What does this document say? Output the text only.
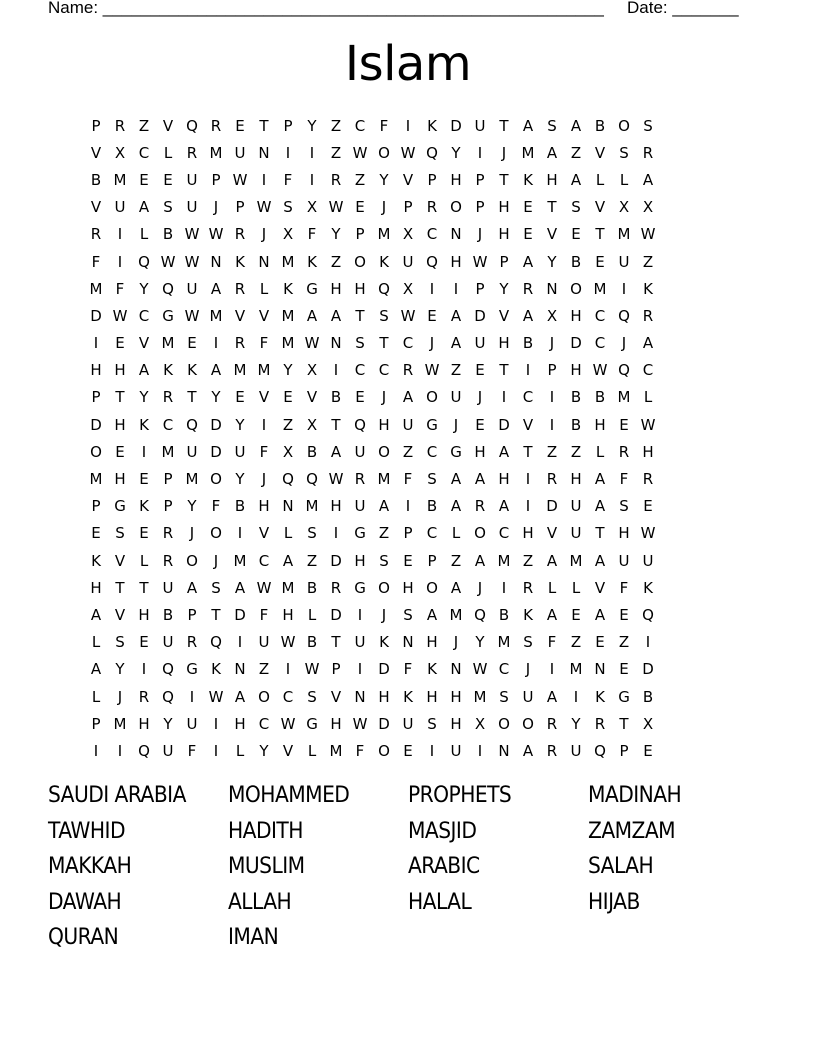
Name: _____________________________________________________ Date: _______
Islam
P R Z V Q R E T P Y Z C F	I	K D U T A S A B O S
V X C L R M U N	I	I	Z W O W Q Y	I	J	M A Z V S R
B M E E U P W I	F	I	R Z Y V P H P T K H A L	L A
V U A S U	J	P W S X W E	J	P R O P H E T S V X X
R	I	L B W W R	J	X F	Y P M X C N	J	H E V E T M W
F	I	Q W W N K N M K Z O K U Q H W P A Y B E U Z
M F	Y Q U A R L K G H H Q X	I	I	P Y R N O M	I	K
D W C G W M V V M A A T S W E A D V A X H C Q R
I	E V M E	I	R F M W N S T C	J	A U H B	J	D C	J	A
H H A K K A M M Y X	I	C C R W Z E T	I	P H W Q C
P T Y R T Y E V E V B E	J	A O U	J	I	C	I	B B M L
D H K C Q D Y	I	Z X T Q H U G	J	E D V	I	B H E W
O E	I	M U D U F X B A U O Z C G H A T Z Z L R H
M H E P M O Y	J	Q Q W R M F S A A H	I	R H A F R
P G K P Y	F B H N M H U A	I	B A R A	I	D U A S E
E S E R	J	O	I	V L	S	I	G Z P C L O C H V U T H W
K V L R O	J	M C A Z D H S E P Z A M Z A M A U U
H T T U A S A W M B R G O H O A	J	I	R L	L V F K
A V H B P T D F H L D	I	J	S A M Q B K A E A E Q
L	S E U R Q	I	U W B T U K N H	J	Y M S F Z E Z	I
A Y	I	Q G K N Z	I W P	I	D F K N W C	J	I	M N E D
L	J	R Q	I W A O C S V N H K H H M S U A	I	K G B
P M H Y U	I	H C W G H W D U S H X O O R Y R T X
I	I	Q U F	I	L	Y V L M F O E	I	U	I	N A R U Q P E
SAUDI ARABIA	MOHAMMED	PROPHETS	MADINAH
TAWHID	HADITH	MASJID	ZAMZAM
MAKKAH	MUSLIM	ARABIC	SALAH
DAWAH	ALLAH	HALAL	HIJAB
QURAN	IMAN
